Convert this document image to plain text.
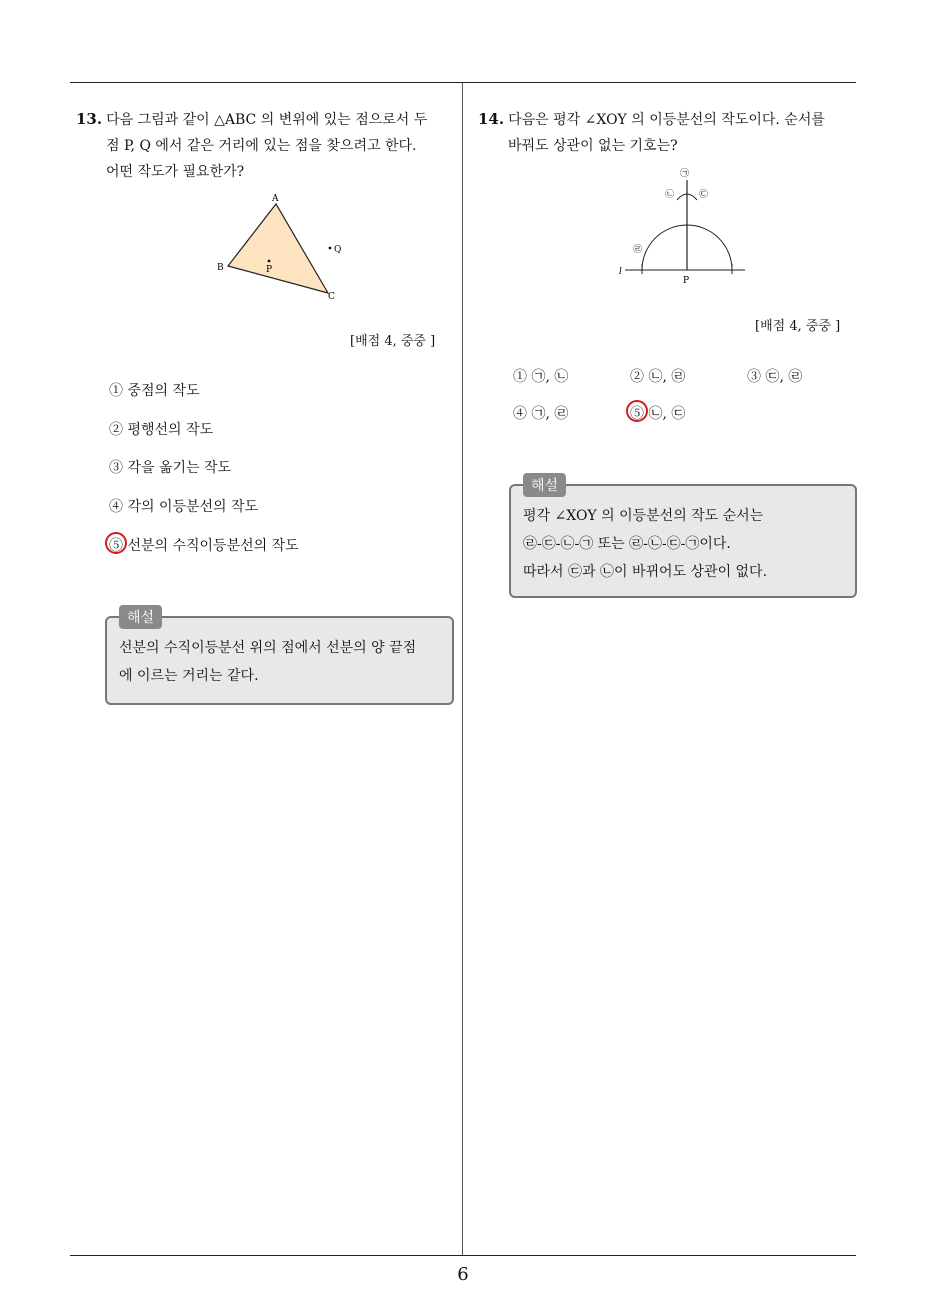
13. 다음 그림과 같이 △ABC 의 변위에 있는 점으로서 두
점 P, Q 에서 같은 거리에 있는 점을 찾으려고 한다.
어떤 작도가 필요한가?
A
B
C
P
Q
[배점 4, 중중 ]
① 중점의 작도
② 평행선의 작도
③ 각을 옮기는 작도
④ 각의 이등분선의 작도
⑤ 선분의 수직이등분선의 작도
해설
선분의 수직이등분선 위의 점에서 선분의 양 끝점
에 이르는 거리는 같다.
14. 다음은 평각 ∠XOY 의 이등분선의 작도이다. 순서를
바꿔도 상관이 없는 기호는?
㉠
㉡	㉢
㉣
P
l
[배점 4, 중중 ]
① ㉠, ㉡	② ㉡, ㉣	③ ㉢, ㉣
④ ㉠, ㉣	⑤ ㉡, ㉢
해설
평각 ∠XOY 의 이등분선의 작도 순서는
㉣-㉢-㉡-㉠ 또는 ㉣-㉡-㉢-㉠이다.
따라서 ㉢과 ㉡이 바뀌어도 상관이 없다.
6
